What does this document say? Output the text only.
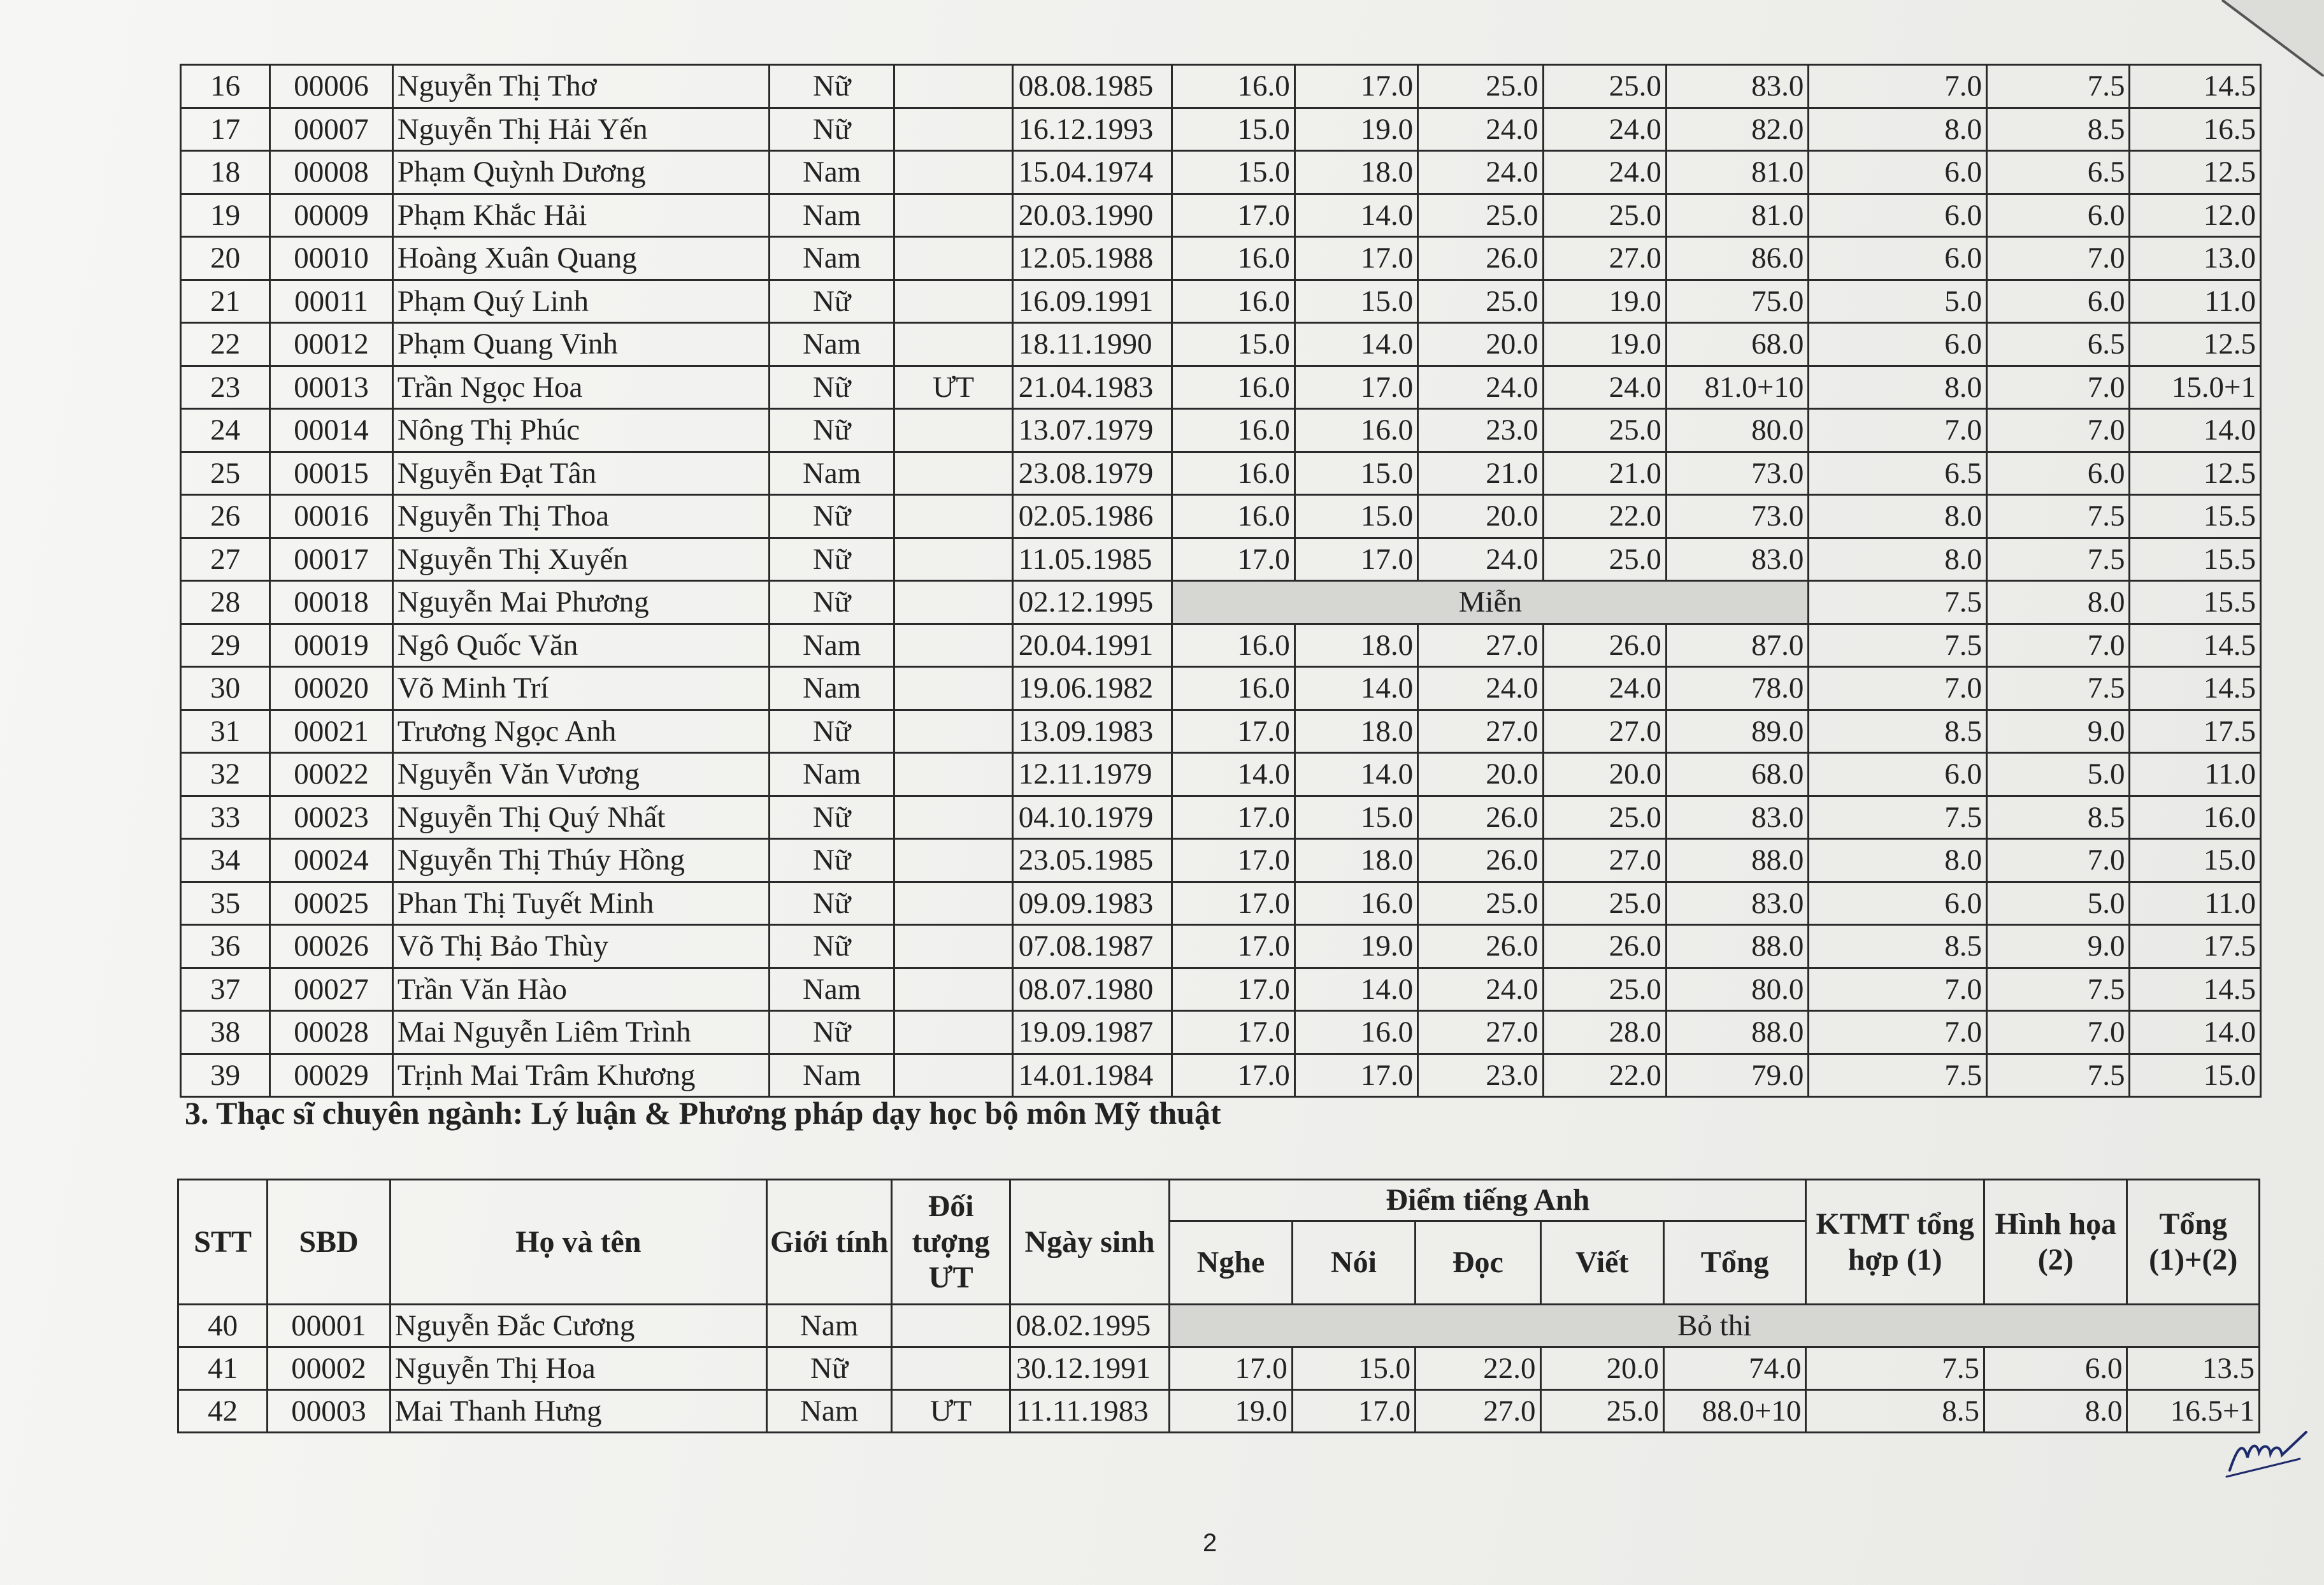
16	00006	Nguyễn Thị Thơ	Nữ		08.08.1985	16.0	17.0	25.0	25.0	83.0	7.0	7.5	14.5
17	00007	Nguyễn Thị Hải Yến	Nữ		16.12.1993	15.0	19.0	24.0	24.0	82.0	8.0	8.5	16.5
18	00008	Phạm Quỳnh Dương	Nam		15.04.1974	15.0	18.0	24.0	24.0	81.0	6.0	6.5	12.5
19	00009	Phạm Khắc Hải	Nam		20.03.1990	17.0	14.0	25.0	25.0	81.0	6.0	6.0	12.0
20	00010	Hoàng Xuân Quang	Nam		12.05.1988	16.0	17.0	26.0	27.0	86.0	6.0	7.0	13.0
21	00011	Phạm Quý Linh	Nữ		16.09.1991	16.0	15.0	25.0	19.0	75.0	5.0	6.0	11.0
22	00012	Phạm Quang Vinh	Nam		18.11.1990	15.0	14.0	20.0	19.0	68.0	6.0	6.5	12.5
23	00013	Trần Ngọc Hoa	Nữ	ƯT	21.04.1983	16.0	17.0	24.0	24.0	81.0+10	8.0	7.0	15.0+1
24	00014	Nông Thị Phúc	Nữ		13.07.1979	16.0	16.0	23.0	25.0	80.0	7.0	7.0	14.0
25	00015	Nguyễn Đạt Tân	Nam		23.08.1979	16.0	15.0	21.0	21.0	73.0	6.5	6.0	12.5
26	00016	Nguyễn Thị Thoa	Nữ		02.05.1986	16.0	15.0	20.0	22.0	73.0	8.0	7.5	15.5
27	00017	Nguyễn Thị Xuyến	Nữ		11.05.1985	17.0	17.0	24.0	25.0	83.0	8.0	7.5	15.5
28	00018	Nguyễn Mai Phương	Nữ		02.12.1995	Miễn					7.5	8.0	15.5
29	00019	Ngô Quốc Văn	Nam		20.04.1991	16.0	18.0	27.0	26.0	87.0	7.5	7.0	14.5
30	00020	Võ Minh Trí	Nam		19.06.1982	16.0	14.0	24.0	24.0	78.0	7.0	7.5	14.5
31	00021	Trương Ngọc Anh	Nữ		13.09.1983	17.0	18.0	27.0	27.0	89.0	8.5	9.0	17.5
32	00022	Nguyễn Văn Vương	Nam		12.11.1979	14.0	14.0	20.0	20.0	68.0	6.0	5.0	11.0
33	00023	Nguyễn Thị Quý Nhất	Nữ		04.10.1979	17.0	15.0	26.0	25.0	83.0	7.5	8.5	16.0
34	00024	Nguyễn Thị Thúy Hồng	Nữ		23.05.1985	17.0	18.0	26.0	27.0	88.0	8.0	7.0	15.0
35	00025	Phan Thị Tuyết Minh	Nữ		09.09.1983	17.0	16.0	25.0	25.0	83.0	6.0	5.0	11.0
36	00026	Võ Thị Bảo Thùy	Nữ		07.08.1987	17.0	19.0	26.0	26.0	88.0	8.5	9.0	17.5
37	00027	Trần Văn Hào	Nam		08.07.1980	17.0	14.0	24.0	25.0	80.0	7.0	7.5	14.5
38	00028	Mai Nguyễn Liêm Trình	Nữ		19.09.1987	17.0	16.0	27.0	28.0	88.0	7.0	7.0	14.0
39	00029	Trịnh Mai Trâm Khương	Nam		14.01.1984	17.0	17.0	23.0	22.0	79.0	7.5	7.5	15.0
3. Thạc sĩ chuyên ngành: Lý luận & Phương pháp dạy học bộ môn Mỹ thuật
STT	SBD	Họ và tên	Giới tính	Đối tượng ƯT	Ngày sinh	Điểm tiếng Anh					KTMT tổng hợp (1)	Hình họa (2)	Tổng (1)+(2)
						Nghe	Nói	Đọc	Viết	Tổng			
40	00001	Nguyễn Đắc Cương	Nam		08.02.1995	Bỏ thi							
41	00002	Nguyễn Thị Hoa	Nữ		30.12.1991	17.0	15.0	22.0	20.0	74.0	7.5	6.0	13.5
42	00003	Mai Thanh Hưng	Nam	ƯT	11.11.1983	19.0	17.0	27.0	25.0	88.0+10	8.5	8.0	16.5+1
2
